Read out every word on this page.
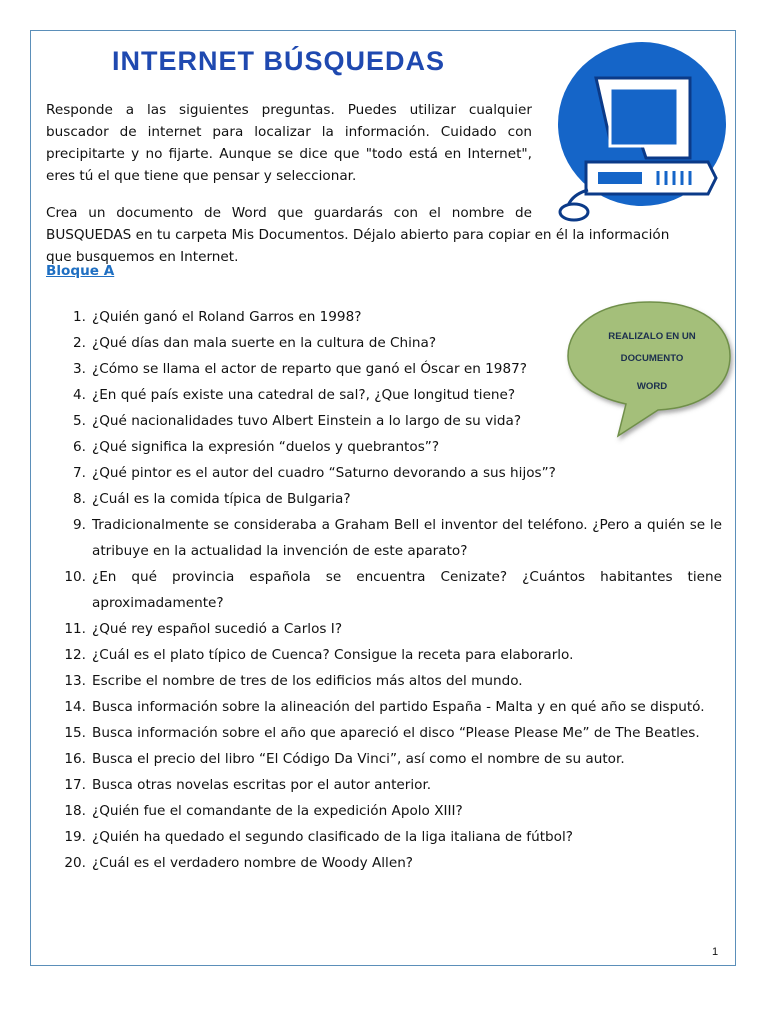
INTERNET BÚSQUEDAS

Responde a las siguientes preguntas. Puedes utilizar cualquier buscador de internet para localizar la información. Cuidado con precipitarte y no fijarte. Aunque se dice que "todo está en Internet", eres tú el que tiene que pensar y seleccionar.

Crea un documento de Word que guardarás con el nombre de
BUSQUEDAS en tu carpeta Mis Documentos. Déjalo abierto para copiar en él la información
que busquemos en Internet.

Bloque A

REALIZALO EN UN
DOCUMENTO
WORD
1. ¿Quién ganó el Roland Garros en 1998?
2. ¿Qué días dan mala suerte en la cultura de China?
3. ¿Cómo se llama el actor de reparto que ganó el Óscar en 1987?
4. ¿En qué país existe una catedral de sal?, ¿Que longitud tiene?
5. ¿Qué nacionalidades tuvo Albert Einstein a lo largo de su vida?
6. ¿Qué significa la expresión “duelos y quebrantos”?
7. ¿Qué pintor es el autor del cuadro “Saturno devorando a sus hijos”?
8. ¿Cuál es la comida típica de Bulgaria?
9. Tradicionalmente se consideraba a Graham Bell el inventor del teléfono. ¿Pero a quién se le atribuye en la actualidad la invención de este aparato?
10. ¿En qué provincia española se encuentra Cenizate? ¿Cuántos habitantes tiene aproximadamente?
11. ¿Qué rey español sucedió a Carlos I?
12. ¿Cuál es el plato típico de Cuenca? Consigue la receta para elaborarlo.
13. Escribe el nombre de tres de los edificios más altos del mundo.
14. Busca información sobre la alineación del partido España - Malta y en qué año se disputó.
15. Busca información sobre el año que apareció el disco “Please Please Me” de The Beatles.
16. Busca el precio del libro “El Código Da Vinci”, así como el nombre de su autor.
17. Busca otras novelas escritas por el autor anterior.
18. ¿Quién fue el comandante de la expedición Apolo XIII?
19. ¿Quién ha quedado el segundo clasificado de la liga italiana de fútbol?
20. ¿Cuál es el verdadero nombre de Woody Allen?
1
